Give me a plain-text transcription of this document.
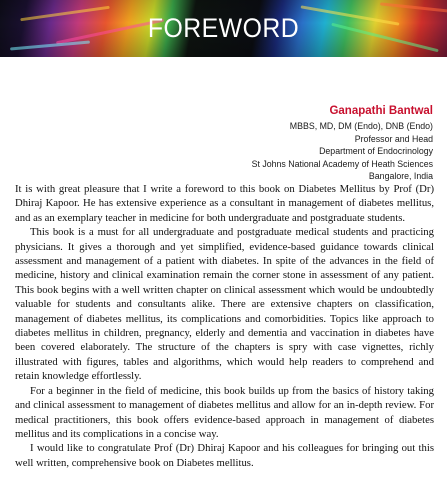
FOREWORD
Ganapathi Bantwal
MBBS, MD, DM (Endo), DNB (Endo)
Professor and Head
Department of Endocrinology
St Johns National Academy of Heath Sciences
Bangalore, India

It is with great pleasure that I write a foreword to this book on Diabetes Mellitus by Prof (Dr) Dhiraj Kapoor. He has extensive experience as a consultant in management of diabetes mellitus, and as an exemplary teacher in medicine for both undergraduate and postgraduate students.

This book is a must for all undergraduate and postgraduate medical students and practicing physicians. It gives a thorough and yet simplified, evidence-based guidance towards clinical assessment and management of a patient with diabetes. In spite of the advances in the field of medicine, history and clinical examination remain the corner stone in assessment of any patient. This book begins with a well written chapter on clinical assessment which would be undoubtedly valuable for students and consultants alike. There are extensive chapters on classification, management of diabetes mellitus, its complications and comorbidities. Topics like approach to diabetes mellitus in children, pregnancy, elderly and dementia and vaccination in diabetes have been covered elaborately. The structure of the chapters is spry with case vignettes, richly illustrated with figures, tables and algorithms, which would help readers to comprehend and retain knowledge effortlessly.

For a beginner in the field of medicine, this book builds up from the basics of history taking and clinical assessment to management of diabetes mellitus and allow for an in-depth review. For medical practitioners, this book offers evidence-based approach in management of diabetes mellitus and its complications in a concise way.

I would like to congratulate Prof (Dr) Dhiraj Kapoor and his colleagues for bringing out this well written, comprehensive book on Diabetes mellitus.
